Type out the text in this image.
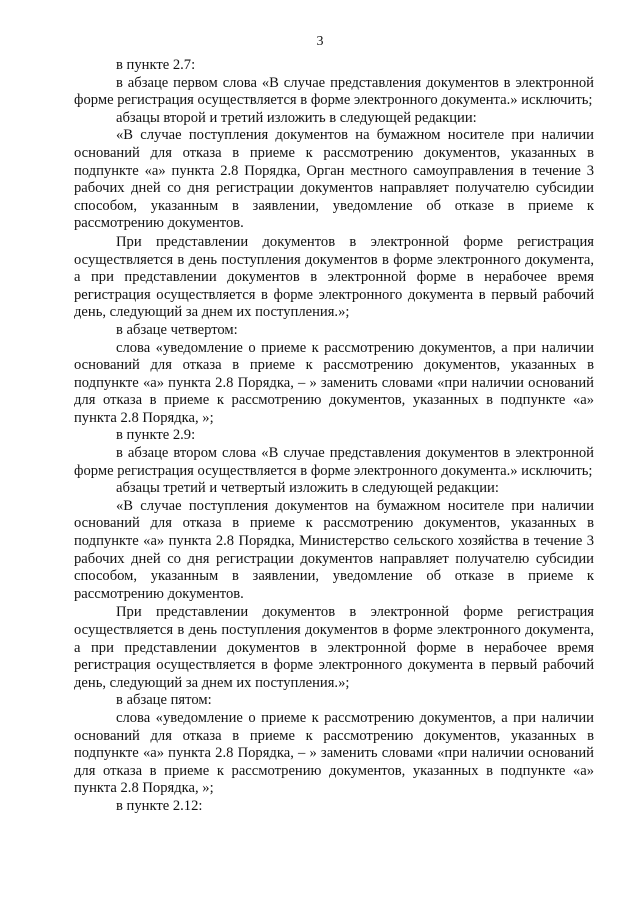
3

в пункте 2.7:

в абзаце первом слова «В случае представления документов в электронной форме регистрация осуществляется в форме электронного документа.» исключить;

абзацы второй и третий изложить в следующей редакции:

«В случае поступления документов на бумажном носителе при наличии оснований для отказа в приеме к рассмотрению документов, указанных в подпункте «а» пункта 2.8 Порядка, Орган местного самоуправления в течение 3 рабочих дней со дня регистрации документов направляет получателю субсидии способом, указанным в заявлении, уведомление об отказе в приеме к рассмотрению документов.

При представлении документов в электронной форме регистрация осуществляется в день поступления документов в форме электронного документа, а при представлении документов в электронной форме в нерабочее время регистрация осуществляется в форме электронного документа в первый рабочий день, следующий за днем их поступления.»;

в абзаце четвертом:

слова «уведомление о приеме к рассмотрению документов, а при наличии оснований для отказа в приеме к рассмотрению документов, указанных в подпункте «а» пункта 2.8 Порядка, – » заменить словами «при наличии оснований для отказа в приеме к рассмотрению документов, указанных в подпункте «а» пункта 2.8 Порядка, »;

в пункте 2.9:

в абзаце втором слова «В случае представления документов в электронной форме регистрация осуществляется в форме электронного документа.» исключить;

абзацы третий и четвертый изложить в следующей редакции:

«В случае поступления документов на бумажном носителе при наличии оснований для отказа в приеме к рассмотрению документов, указанных в подпункте «а» пункта 2.8 Порядка, Министерство сельского хозяйства в течение 3 рабочих дней со дня регистрации документов направляет получателю субсидии способом, указанным в заявлении, уведомление об отказе в приеме к рассмотрению документов.

При представлении документов в электронной форме регистрация осуществляется в день поступления документов в форме электронного документа, а при представлении документов в электронной форме в нерабочее время регистрация осуществляется в форме электронного документа в первый рабочий день, следующий за днем их поступления.»;

в абзаце пятом:

слова «уведомление о приеме к рассмотрению документов, а при наличии оснований для отказа в приеме к рассмотрению документов, указанных в подпункте «а» пункта 2.8 Порядка, – » заменить словами «при наличии оснований для отказа в приеме к рассмотрению документов, указанных в подпункте «а» пункта 2.8 Порядка, »;

в пункте 2.12:
